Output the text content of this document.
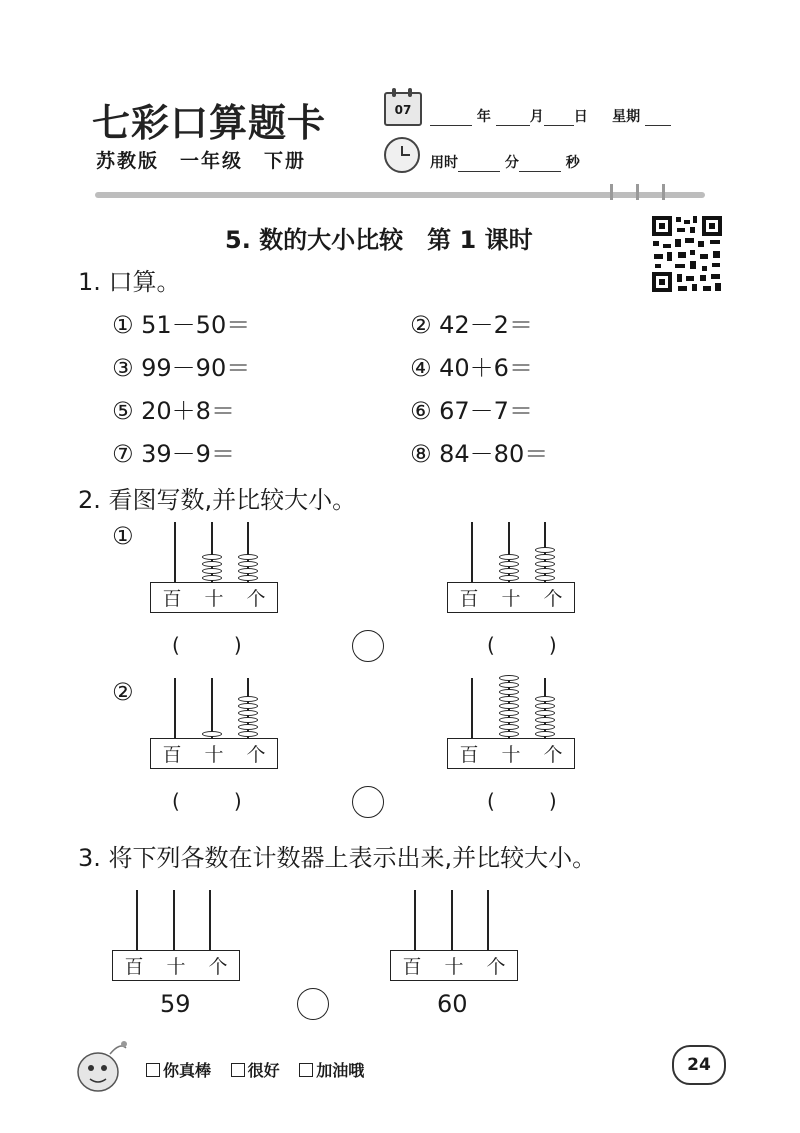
七彩口算题卡
苏教版　一年级　下册
07	年	月 日 星期
用时	分	秒
5. 数的大小比较　第 1 课时
1. 口算。
① 51－50＝	② 42－2＝
③ 99－90＝	④ 40＋6＝
⑤ 20＋8＝	⑥ 67－7＝
⑦ 39－9＝	⑧ 84－80＝
2. 看图写数,并比较大小。
①
②
百 十 个	百 十 个
百 十 个	百 十 个
(	)	(	)
(	)	(	)
3. 将下列各数在计数器上表示出来,并比较大小。
百 十 个	百 十 个
59	60
你真棒 很好 加油哦	24
